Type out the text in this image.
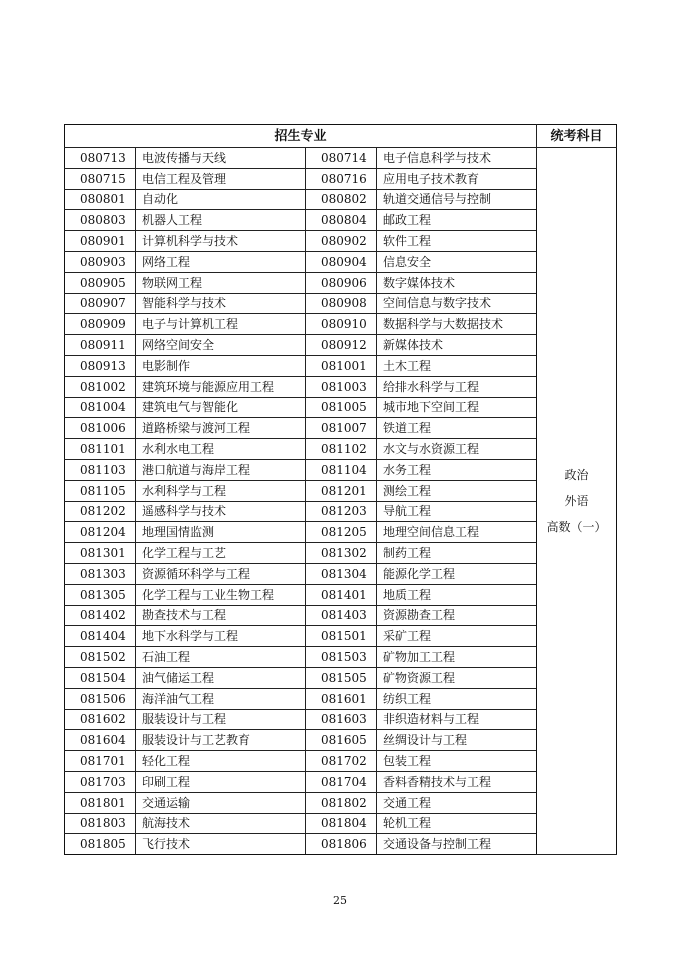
招生专业				统考科目
080713	电波传播与天线	080714	电子信息科学与技术	政治
外语
高数（一）

080715	电信工程及管理	080716	应用电子技术教育	
080801	自动化	080802	轨道交通信号与控制	
080803	机器人工程	080804	邮政工程	
080901	计算机科学与技术	080902	软件工程	
080903	网络工程	080904	信息安全	
080905	物联网工程	080906	数字媒体技术	
080907	智能科学与技术	080908	空间信息与数字技术	
080909	电子与计算机工程	080910	数据科学与大数据技术	
080911	网络空间安全	080912	新媒体技术	
080913	电影制作	081001	土木工程	
081002	建筑环境与能源应用工程	081003	给排水科学与工程	
081004	建筑电气与智能化	081005	城市地下空间工程	
081006	道路桥梁与渡河工程	081007	铁道工程	
081101	水利水电工程	081102	水文与水资源工程	
081103	港口航道与海岸工程	081104	水务工程	
081105	水利科学与工程	081201	测绘工程	
081202	遥感科学与技术	081203	导航工程	
081204	地理国情监测	081205	地理空间信息工程	
081301	化学工程与工艺	081302	制药工程	
081303	资源循环科学与工程	081304	能源化学工程	
081305	化学工程与工业生物工程	081401	地质工程	
081402	勘查技术与工程	081403	资源勘查工程	
081404	地下水科学与工程	081501	采矿工程	
081502	石油工程	081503	矿物加工工程	
081504	油气储运工程	081505	矿物资源工程	
081506	海洋油气工程	081601	纺织工程	
081602	服装设计与工程	081603	非织造材料与工程	
081604	服装设计与工艺教育	081605	丝绸设计与工程	
081701	轻化工程	081702	包装工程	
081703	印刷工程	081704	香料香精技术与工程	
081801	交通运输	081802	交通工程	
081803	航海技术	081804	轮机工程	
081805	飞行技术	081806	交通设备与控制工程	
25
